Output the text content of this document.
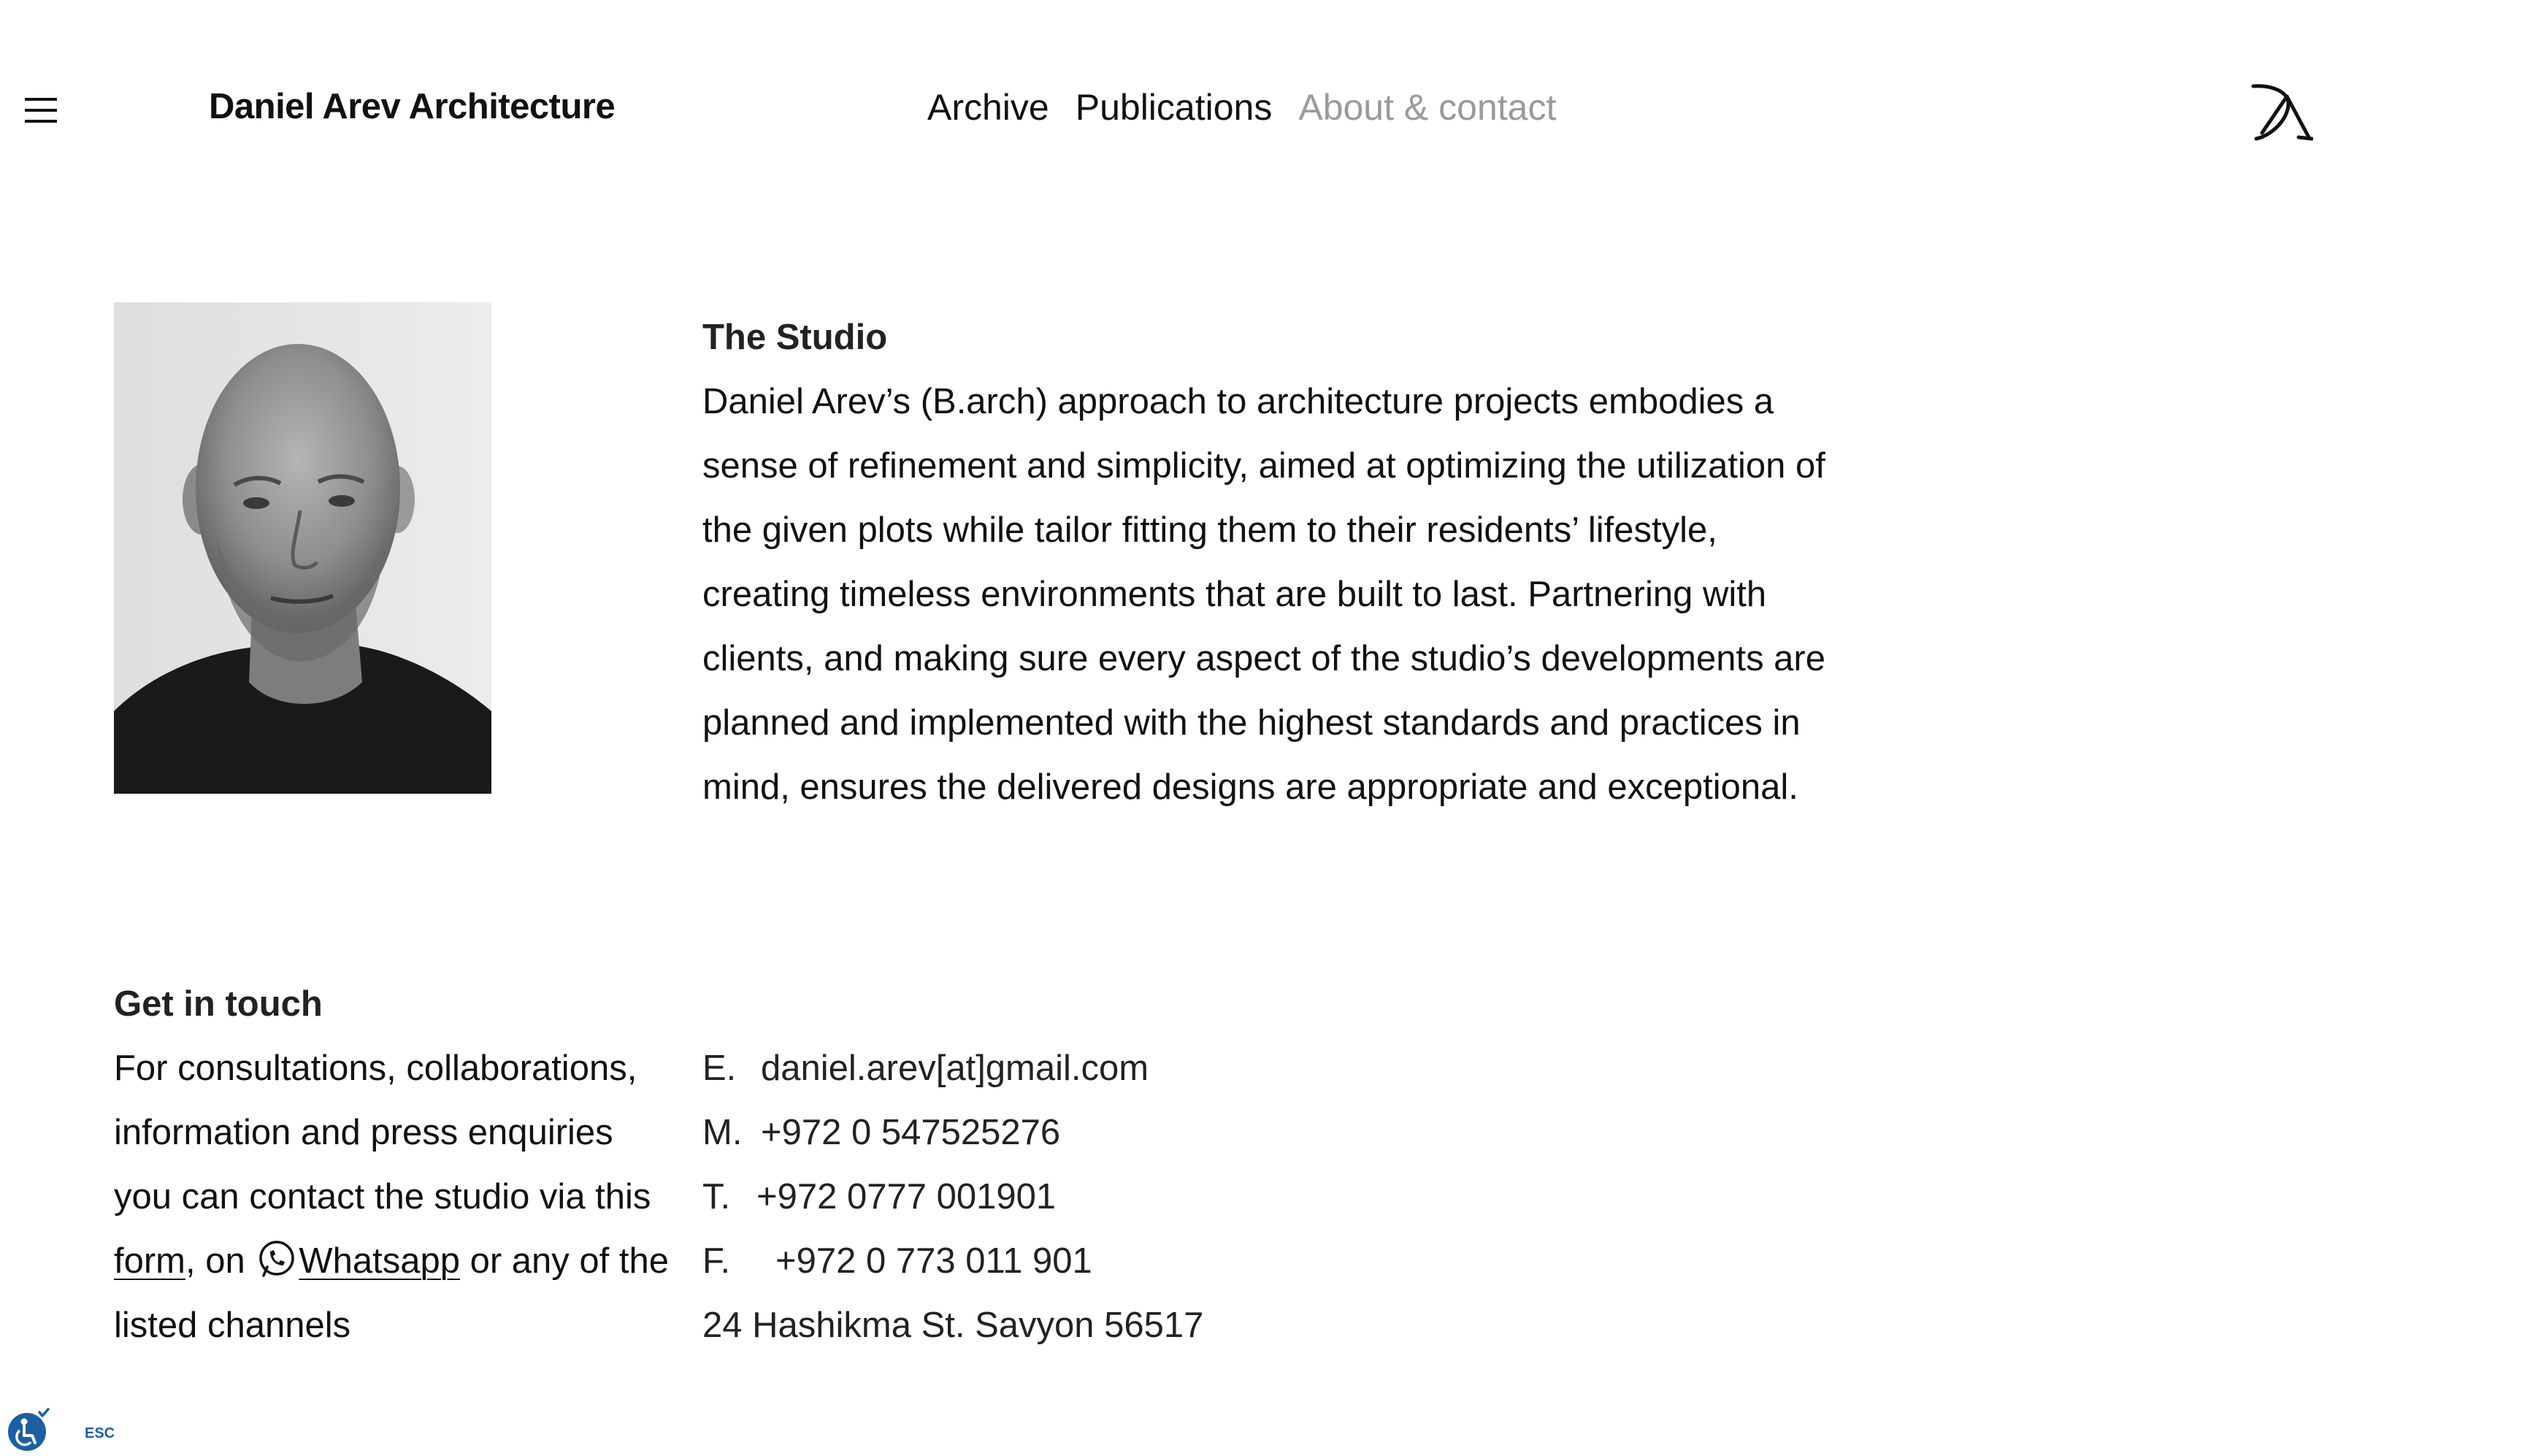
Daniel Arev Architecture	Archive Publications About & contact
The Studio

Daniel Arev’s (B.arch) approach to architecture projects embodies a sense of refinement and simplicity, aimed at optimizing the utilization of the given plots while tailor fitting them to their residents’ lifestyle, creating timeless environments that are built to last. Partnering with clients, and making sure every aspect of the studio’s developments are planned and implemented with the highest standards and practices in mind, ensures the delivered designs are appropriate and exceptional.

Get in touch

For consultations, collaborations, information and press enquiries you can contact the studio via this form, on Whatsapp or any of the listed channels

E. daniel.arev[at]gmail.com
M. +972 0 547525276
T. +972 0777 001901
F.	+972 0 773 011 901
24 Hashikma St. Savyon 56517
ESC
